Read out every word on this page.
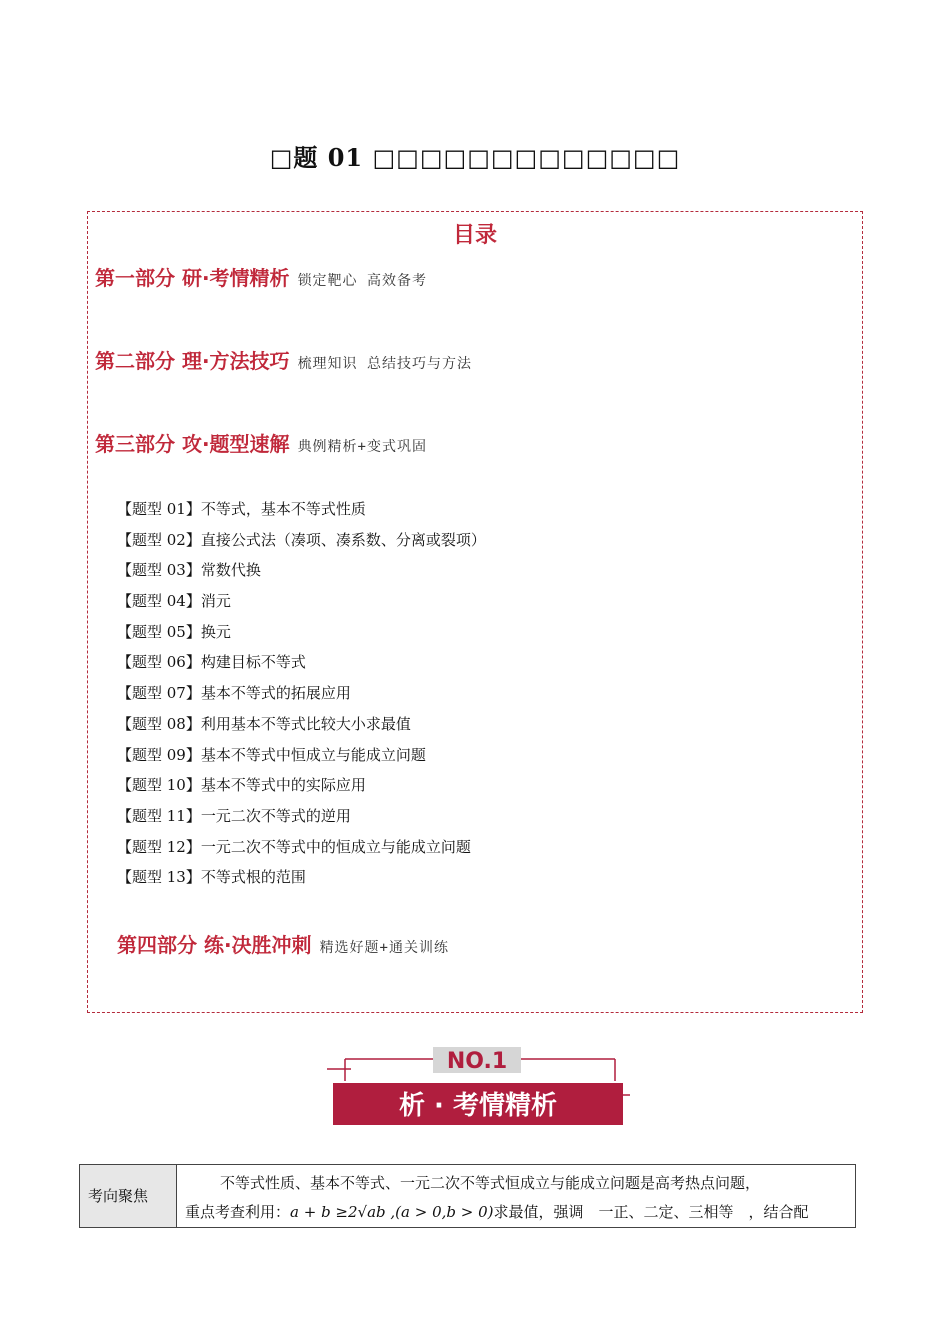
□题 01 □□□□□□□□□□□□□
目录
第一部分 研·考情精析 锁定靶心 高效备考
第二部分 理·方法技巧 梳理知识 总结技巧与方法
第三部分 攻·题型速解 典例精析+变式巩固
【题型 01】不等式，基本不等式性质
【题型 02】直接公式法（凑项、凑系数、分离或裂项）
【题型 03】常数代换
【题型 04】消元
【题型 05】换元
【题型 06】构建目标不等式
【题型 07】基本不等式的拓展应用
【题型 08】利用基本不等式比较大小求最值
【题型 09】基本不等式中恒成立与能成立问题
【题型 10】基本不等式中的实际应用
【题型 11】一元二次不等式的逆用
【题型 12】一元二次不等式中的恒成立与能成立问题
【题型 13】不等式根的范围
第四部分 练·决胜冲刺 精选好题+通关训练
NO.1
析 · 考情精析
考向聚焦
不等式性质、基本不等式、一元二次不等式恒成立与能成立问题是高考热点问题，
重点考查利用：a + b ≥2√ab ,(a > 0,b > 0)求最值，强调　一正、二定、三相等　，结合配
